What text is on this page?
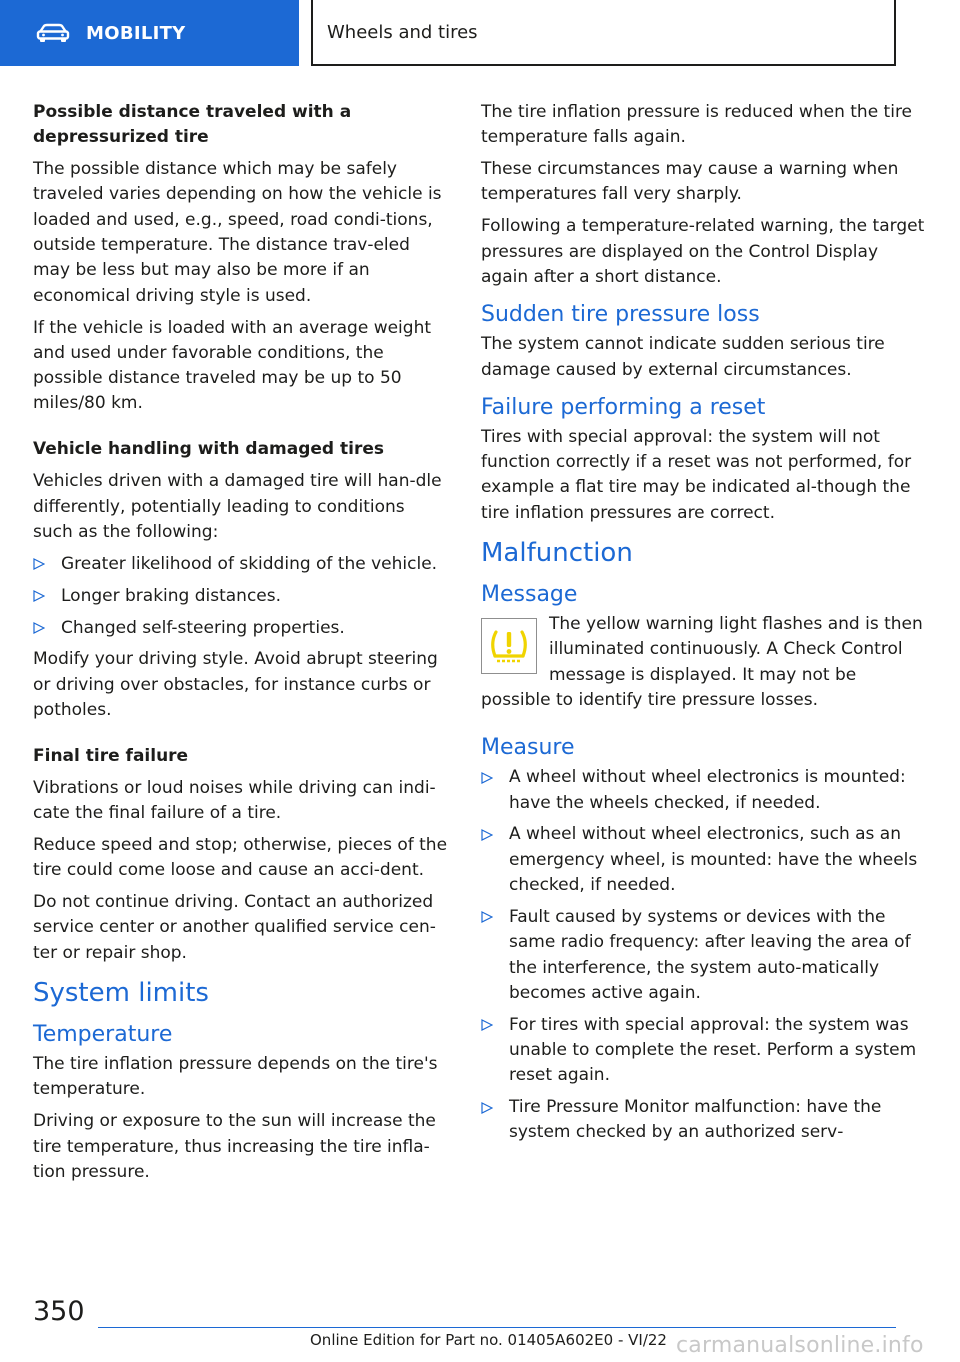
MOBILITY	Wheels and tires

Possible distance traveled with a depressurized tire

The possible distance which may be safely traveled varies depending on how the vehicle is loaded and used, e.g., speed, road condi‐tions, outside temperature. The distance trav‐eled may be less but may also be more if an economical driving style is used.

If the vehicle is loaded with an average weight and used under favorable conditions, the possible distance traveled may be up to 50 miles/80 km.

Vehicle handling with damaged tires

Vehicles driven with a damaged tire will han‐dle differently, potentially leading to conditions such as the following:

Greater likelihood of skidding of the vehicle.
Longer braking distances.
Changed self-steering properties.

Modify your driving style. Avoid abrupt steering or driving over obstacles, for instance curbs or potholes.

Final tire failure

Vibrations or loud noises while driving can indi‐cate the final failure of a tire.

Reduce speed and stop; otherwise, pieces of the tire could come loose and cause an acci‐dent.

Do not continue driving. Contact an authorized service center or another qualified service cen‐ter or repair shop.

System limits
Temperature

The tire inflation pressure depends on the tire's temperature.

Driving or exposure to the sun will increase the tire temperature, thus increasing the tire infla‐tion pressure.

The tire inflation pressure is reduced when the tire temperature falls again.

These circumstances may cause a warning when temperatures fall very sharply.

Following a temperature-related warning, the target pressures are displayed on the Control Display again after a short distance.

Sudden tire pressure loss

The system cannot indicate sudden serious tire damage caused by external circumstances.

Failure performing a reset

Tires with special approval: the system will not function correctly if a reset was not performed, for example a flat tire may be indicated al‐though the tire inflation pressures are correct.

Malfunction
Message

The yellow warning light flashes and is then illuminated continuously. A Check Control message is displayed. It may not be possible to identify tire pressure losses.

Measure
A wheel without wheel electronics is mounted: have the wheels checked, if needed.
A wheel without wheel electronics, such as an emergency wheel, is mounted: have the wheels checked, if needed.
Fault caused by systems or devices with the same radio frequency: after leaving the area of the interference, the system auto‐matically becomes active again.
For tires with special approval: the system was unable to complete the reset. Perform a system reset again.
Tire Pressure Monitor malfunction: have the system checked by an authorized serv‐
350
Online Edition for Part no. 01405A602E0 - VI/22 carmanualsonline.info
